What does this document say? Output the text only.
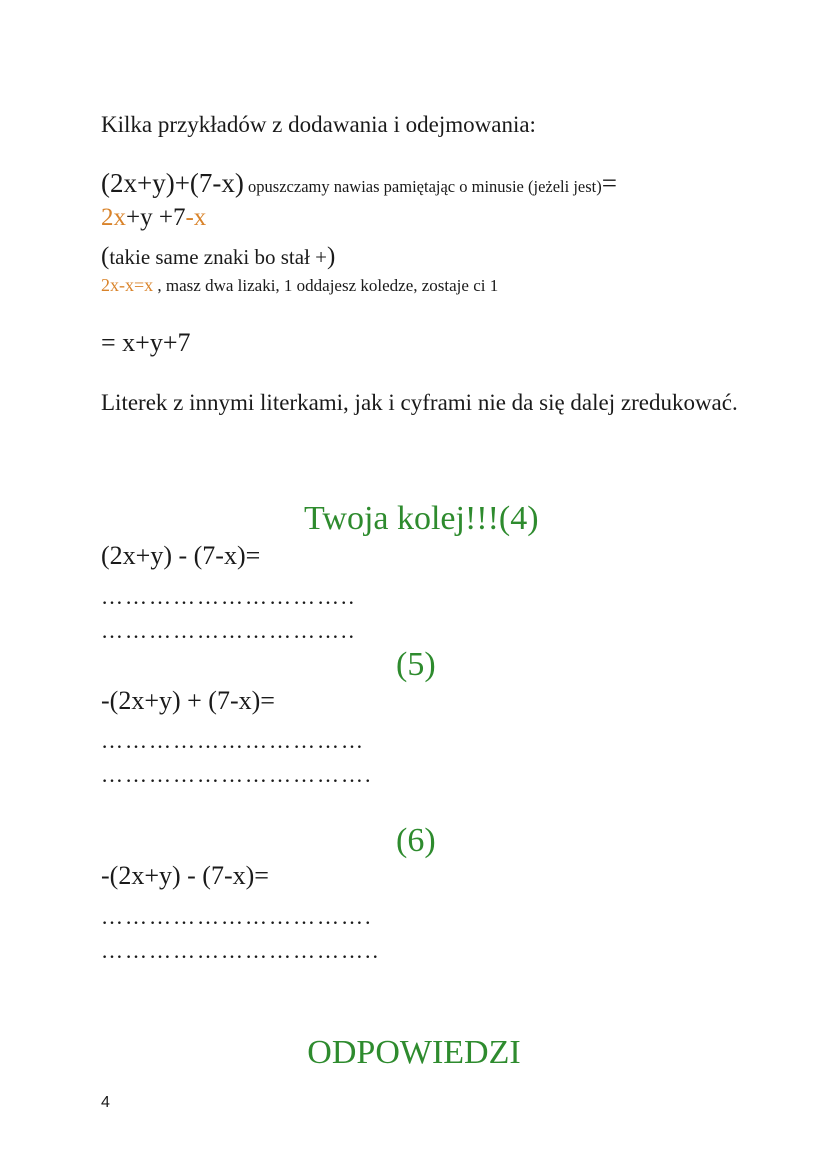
Kilka przykładów z dodawania i odejmowania:
(2x+y)+(7-x) opuszczamy nawias pamiętając o minusie (jeżeli jest)=
2x+y +7-x
(takie same znaki bo stał +)
2x-x=x , masz dwa lizaki, 1 oddajesz koledze, zostaje ci 1
= x+y+7
Literek z innymi literkami, jak i cyframi nie da się dalej zredukować.
Twoja kolej!!!(4)
(2x+y) - (7-x)=
…………………………..
…………………………..
(5)
-(2x+y) + (7-x)=
……………………………
…………………………….
(6)
-(2x+y) - (7-x)=
…………………………….
……………………………..
ODPOWIEDZI
4
